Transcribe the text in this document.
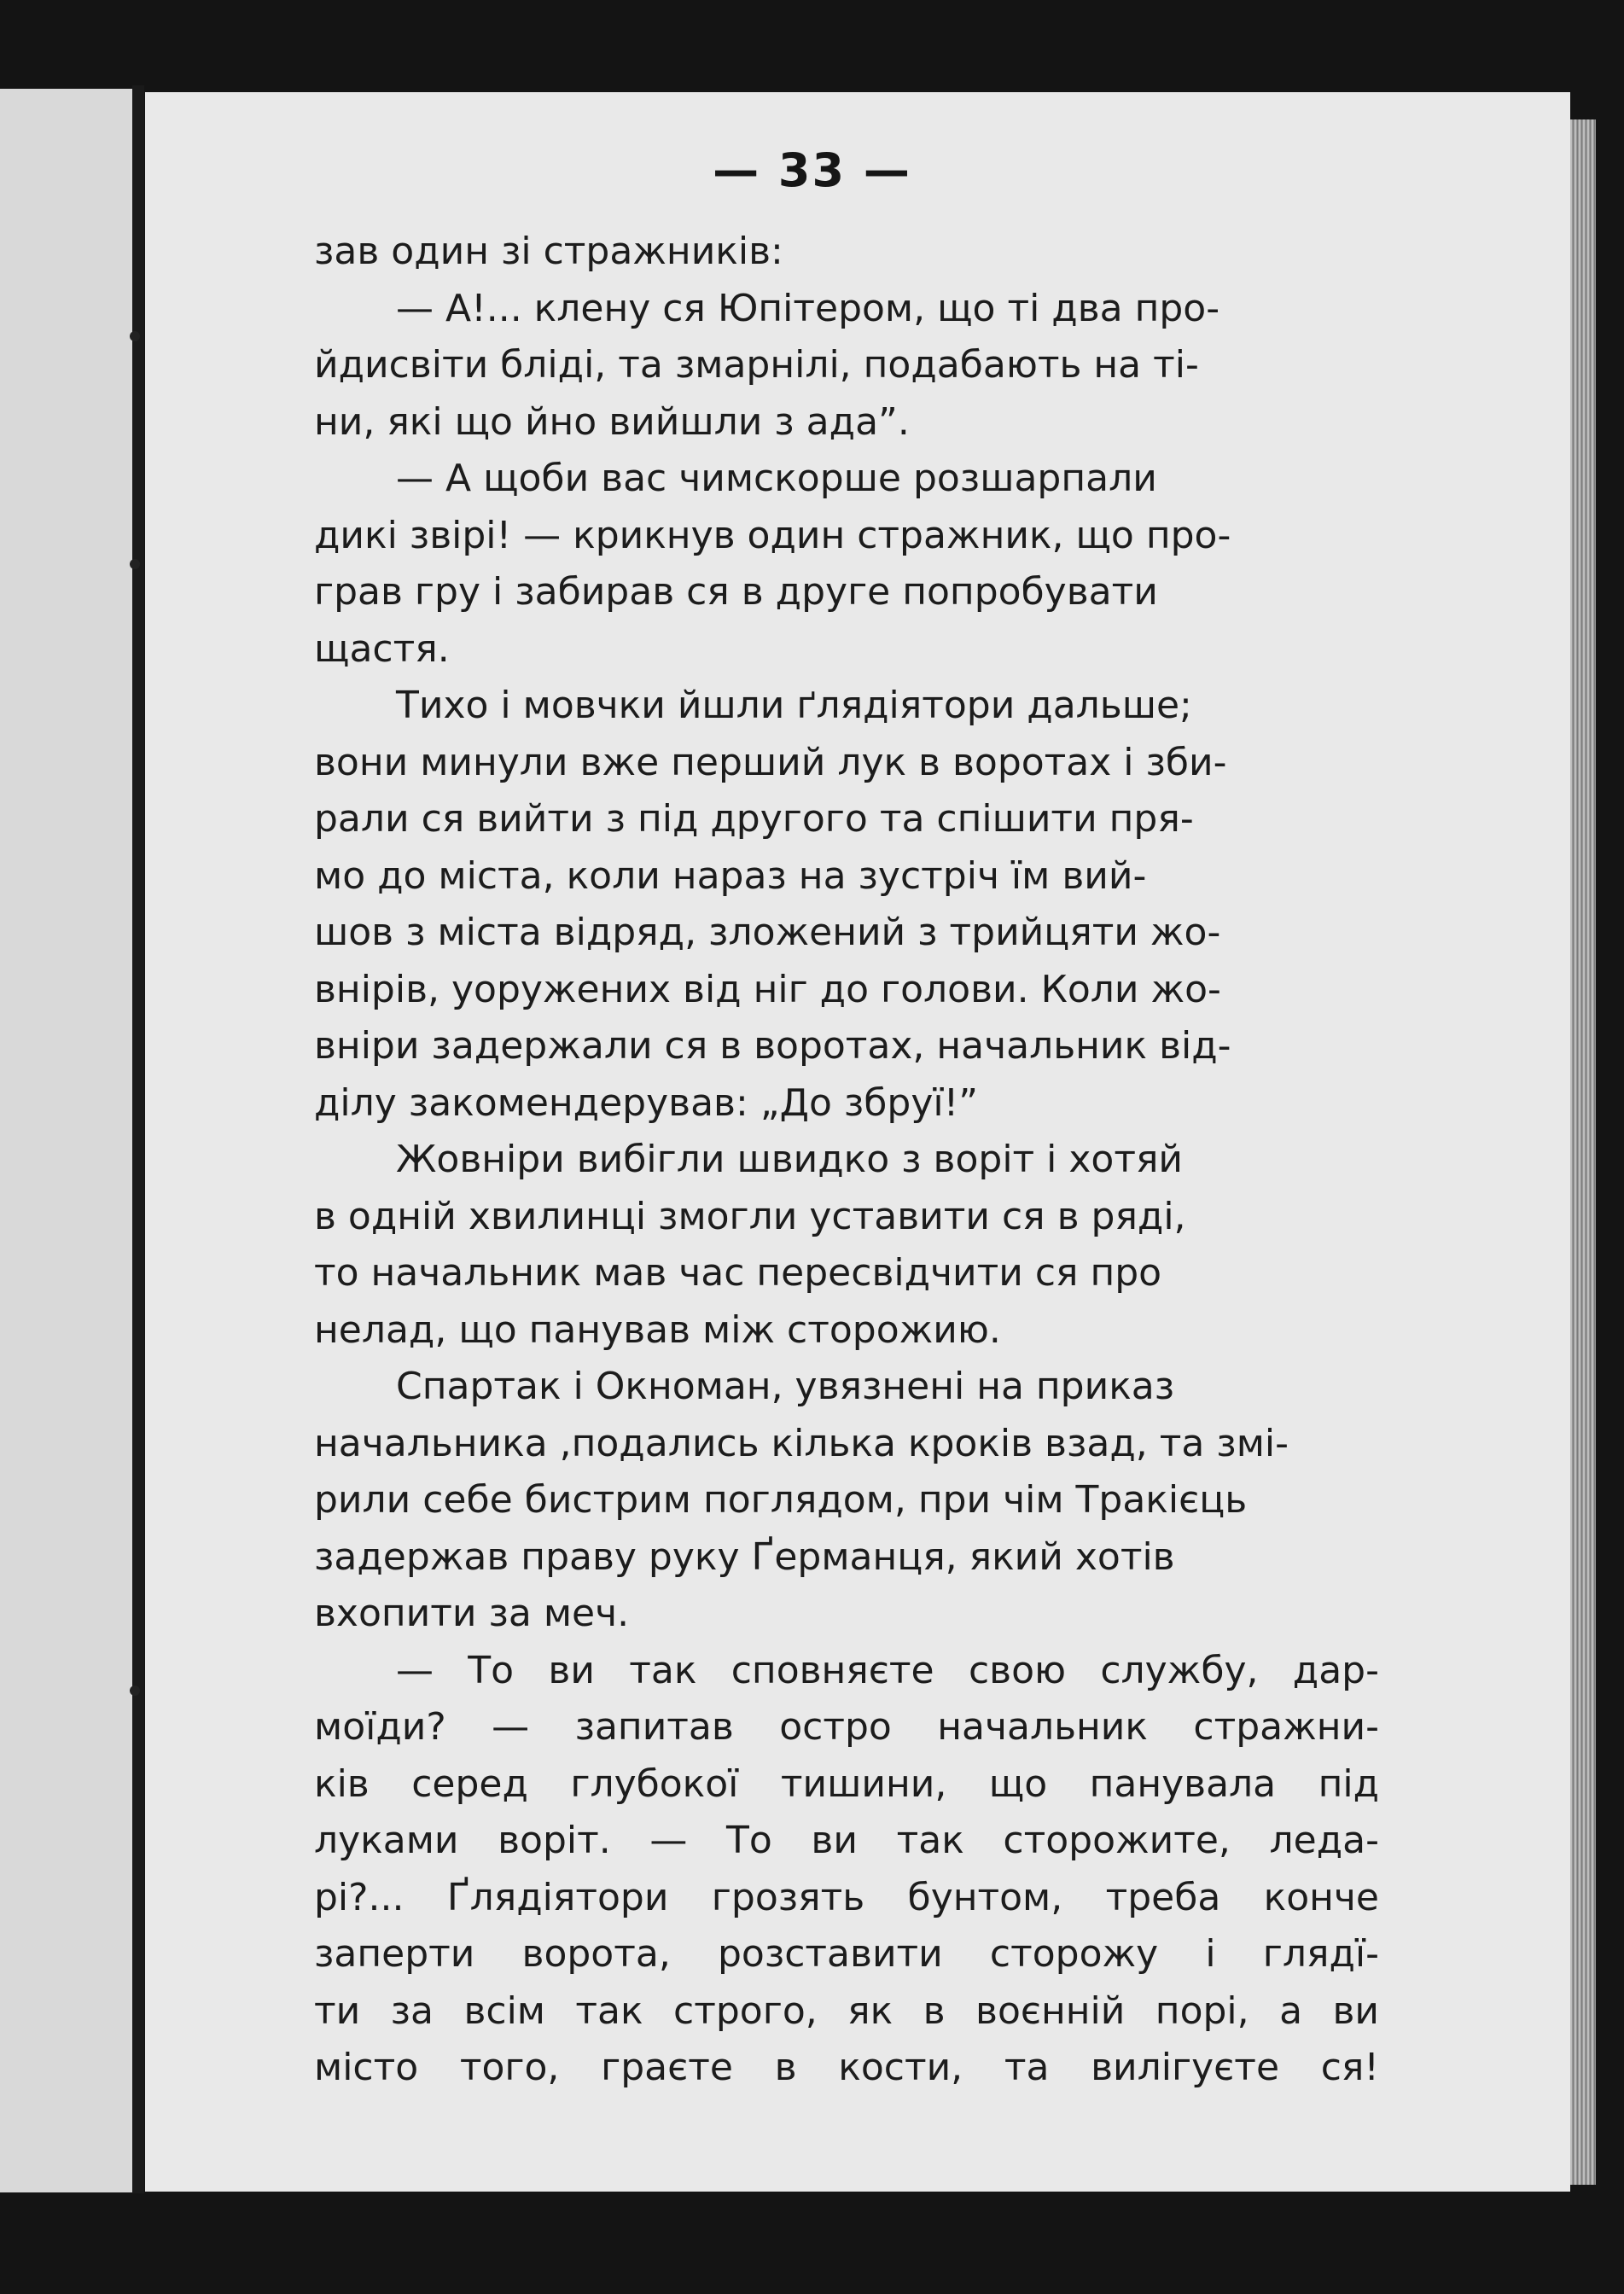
— 33 —

зав один зі стражників:

— А!... клену ся Юпітером, що ті два про-
йдисвіти бліді, та змарнілі, подабають на ті-
ни, які що йно вийшли з ада”.

— А щоби вас чимскорше розшарпали
дикі звірі! — крикнув один стражник, що про-
грав гру і забирав ся в друге попробувати
щастя.

Тихо і мовчки йшли ґлядіятори дальше;
вони минули вже перший лук в воротах і зби-
рали ся вийти з під другого та спішити пря-
мо до міста, коли нараз на зустріч їм вий-
шов з міста відряд, зложений з трийцяти жо-
внірів, уоружених від ніг до голови. Коли жо-
вніри задержали ся в воротах, начальник від-
ділу закомендерував: „До збруї!”

Жовніри вибігли швидко з воріт і хотяй
в одній хвилинці змогли уставити ся в ряді,
то начальник мав час пересвідчити ся про
нелад, що панував між сторожию.

Спартак і Окноман, увязнені на приказ
начальника ,подались кілька кроків взад, та змі-
рили себе бистрим поглядом, при чім Тракієць
задержав праву руку Ґерманця, який хотів
вхопити за меч.

— То ви так сповняєте свою службу, дар-
моїди? — запитав остро начальник стражни-
ків серед глубокої тишини, що панувала під
луками воріт. — То ви так сторожите, леда-
рі?... Ґлядіятори грозять бунтом, треба конче
заперти ворота, розставити сторожу і глядї-
ти за всім так строго, як в воєнній порі, а ви
місто того, граєте в кости, та вилігуєте ся!
